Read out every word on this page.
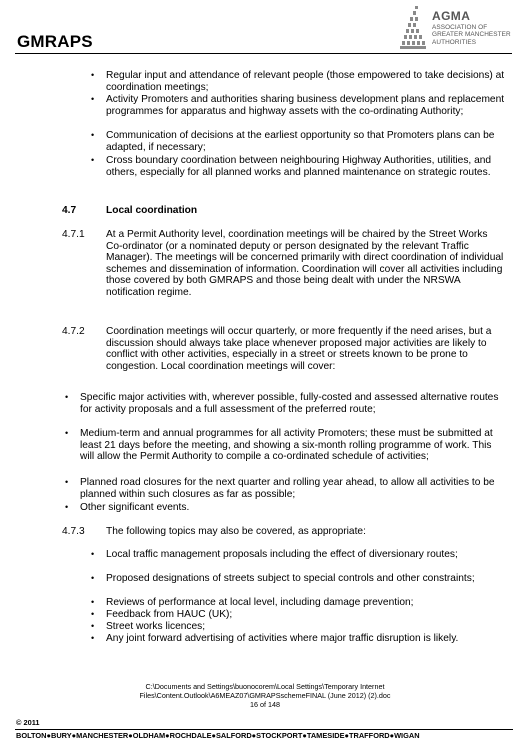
GMRAPS
AGMA
ASSOCIATION OF
GREATER MANCHESTER
AUTHORITIES
• Regular input and attendance of relevant people (those empowered to take decisions) at coordination meetings;
• Activity Promoters and authorities sharing business development plans and replacement programmes for apparatus and highway assets with the co-ordinating Authority;
• Communication of decisions at the earliest opportunity so that Promoters plans can be adapted, if necessary;
• Cross boundary coordination between neighbouring Highway Authorities, utilities, and others, especially for all planned works and planned maintenance on strategic routes.
4.7	Local coordination
4.7.1 At a Permit Authority level, coordination meetings will be chaired by the Street Works Co-ordinator (or a nominated deputy or person designated by the relevant Traffic Manager). The meetings will be concerned primarily with direct coordination of individual schemes and dissemination of information. Coordination will cover all activities including those covered by both GMRAPS and those being dealt with under the NRSWA notification regime.
4.7.2 Coordination meetings will occur quarterly, or more frequently if the need arises, but a discussion should always take place whenever proposed major activities are likely to conflict with other activities, especially in a street or streets known to be prone to congestion. Local coordination meetings will cover:
• Specific major activities with, wherever possible, fully-costed and assessed alternative routes for activity proposals and a full assessment of the preferred route;
• Medium-term and annual programmes for all activity Promoters; these must be submitted at least 21 days before the meeting, and showing a six-month rolling programme of work. This will allow the Permit Authority to compile a co-ordinated schedule of activities;
• Planned road closures for the next quarter and rolling year ahead, to allow all activities to be planned within such closures as far as possible;
• Other significant events.
4.7.3 The following topics may also be covered, as appropriate:
• Local traffic management proposals including the effect of diversionary routes;
• Proposed designations of streets subject to special controls and other constraints;
• Reviews of performance at local level, including damage prevention;
• Feedback from HAUC (UK);
• Street works licences;
• Any joint forward advertising of activities where major traffic disruption is likely.
C:\Documents and Settings\buonocorem\Local Settings\Temporary Internet
Files\Content.Outlook\A6MEAZ07\GMRAPSschemeFINAL (June 2012) (2).doc
16 of 148
© 2011
BOLTON●BURY●MANCHESTER●OLDHAM●ROCHDALE●SALFORD●STOCKPORT●TAMESIDE●TRAFFORD●WIGAN
